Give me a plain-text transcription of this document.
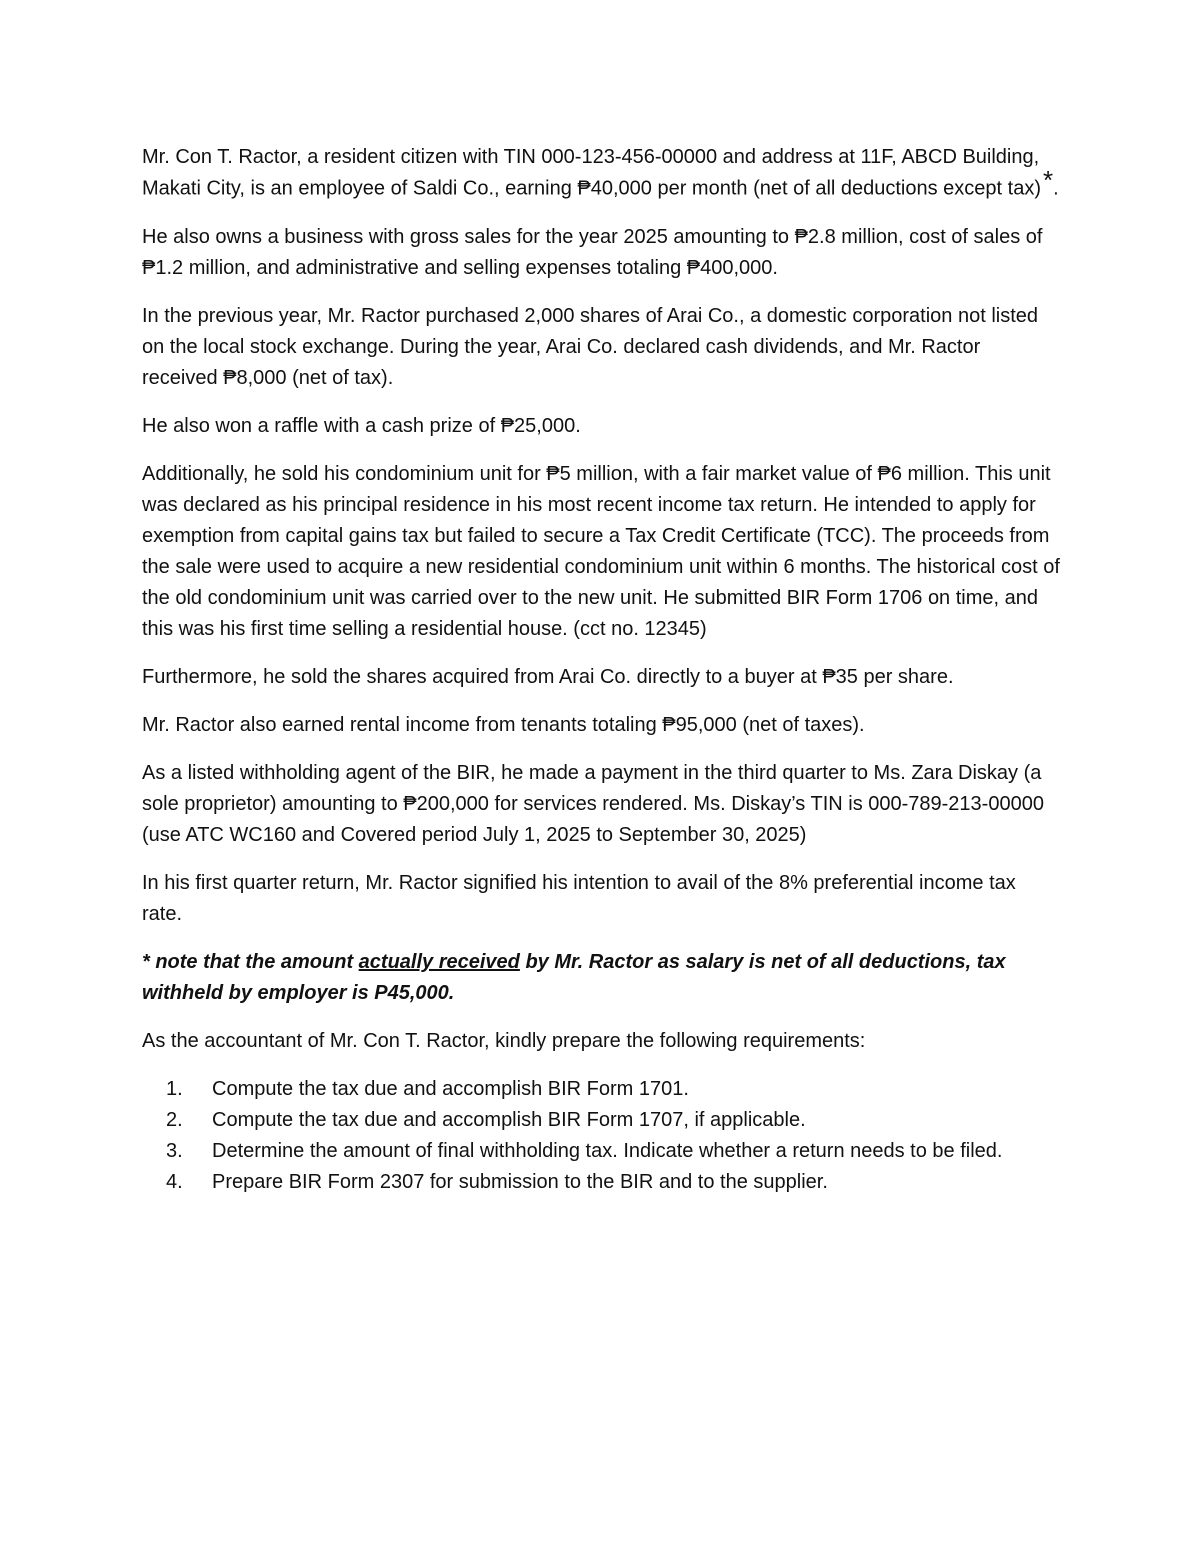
Mr. Con T. Ractor, a resident citizen with TIN 000-123-456-00000 and address at 11F, ABCD Building, Makati City, is an employee of Saldi Co., earning ₱40,000 per month (net of all deductions except tax)*.

He also owns a business with gross sales for the year 2025 amounting to ₱2.8 million, cost of sales of ₱1.2 million, and administrative and selling expenses totaling ₱400,000.

In the previous year, Mr. Ractor purchased 2,000 shares of Arai Co., a domestic corporation not listed on the local stock exchange. During the year, Arai Co. declared cash dividends, and Mr. Ractor received ₱8,000 (net of tax).

He also won a raffle with a cash prize of ₱25,000.

Additionally, he sold his condominium unit for ₱5 million, with a fair market value of ₱6 million. This unit was declared as his principal residence in his most recent income tax return. He intended to apply for exemption from capital gains tax but failed to secure a Tax Credit Certificate (TCC). The proceeds from the sale were used to acquire a new residential condominium unit within 6 months. The historical cost of the old condominium unit was carried over to the new unit. He submitted BIR Form 1706 on time, and this was his first time selling a residential house. (cct no. 12345)

Furthermore, he sold the shares acquired from Arai Co. directly to a buyer at ₱35 per share.

Mr. Ractor also earned rental income from tenants totaling ₱95,000 (net of taxes).

As a listed withholding agent of the BIR, he made a payment in the third quarter to Ms. Zara Diskay (a sole proprietor) amounting to ₱200,000 for services rendered. Ms. Diskay’s TIN is 000-789-213-00000 (use ATC WC160 and Covered period July 1, 2025 to September 30, 2025)

In his first quarter return, Mr. Ractor signified his intention to avail of the 8% preferential income tax rate.

* note that the amount actually received by Mr. Ractor as salary is net of all deductions, tax withheld by employer is P45,000.

As the accountant of Mr. Con T. Ractor, kindly prepare the following requirements:

1.	Compute the tax due and accomplish BIR Form 1701.
2.	Compute the tax due and accomplish BIR Form 1707, if applicable.
3.	Determine the amount of final withholding tax. Indicate whether a return needs to be filed.
4.	Prepare BIR Form 2307 for submission to the BIR and to the supplier.
